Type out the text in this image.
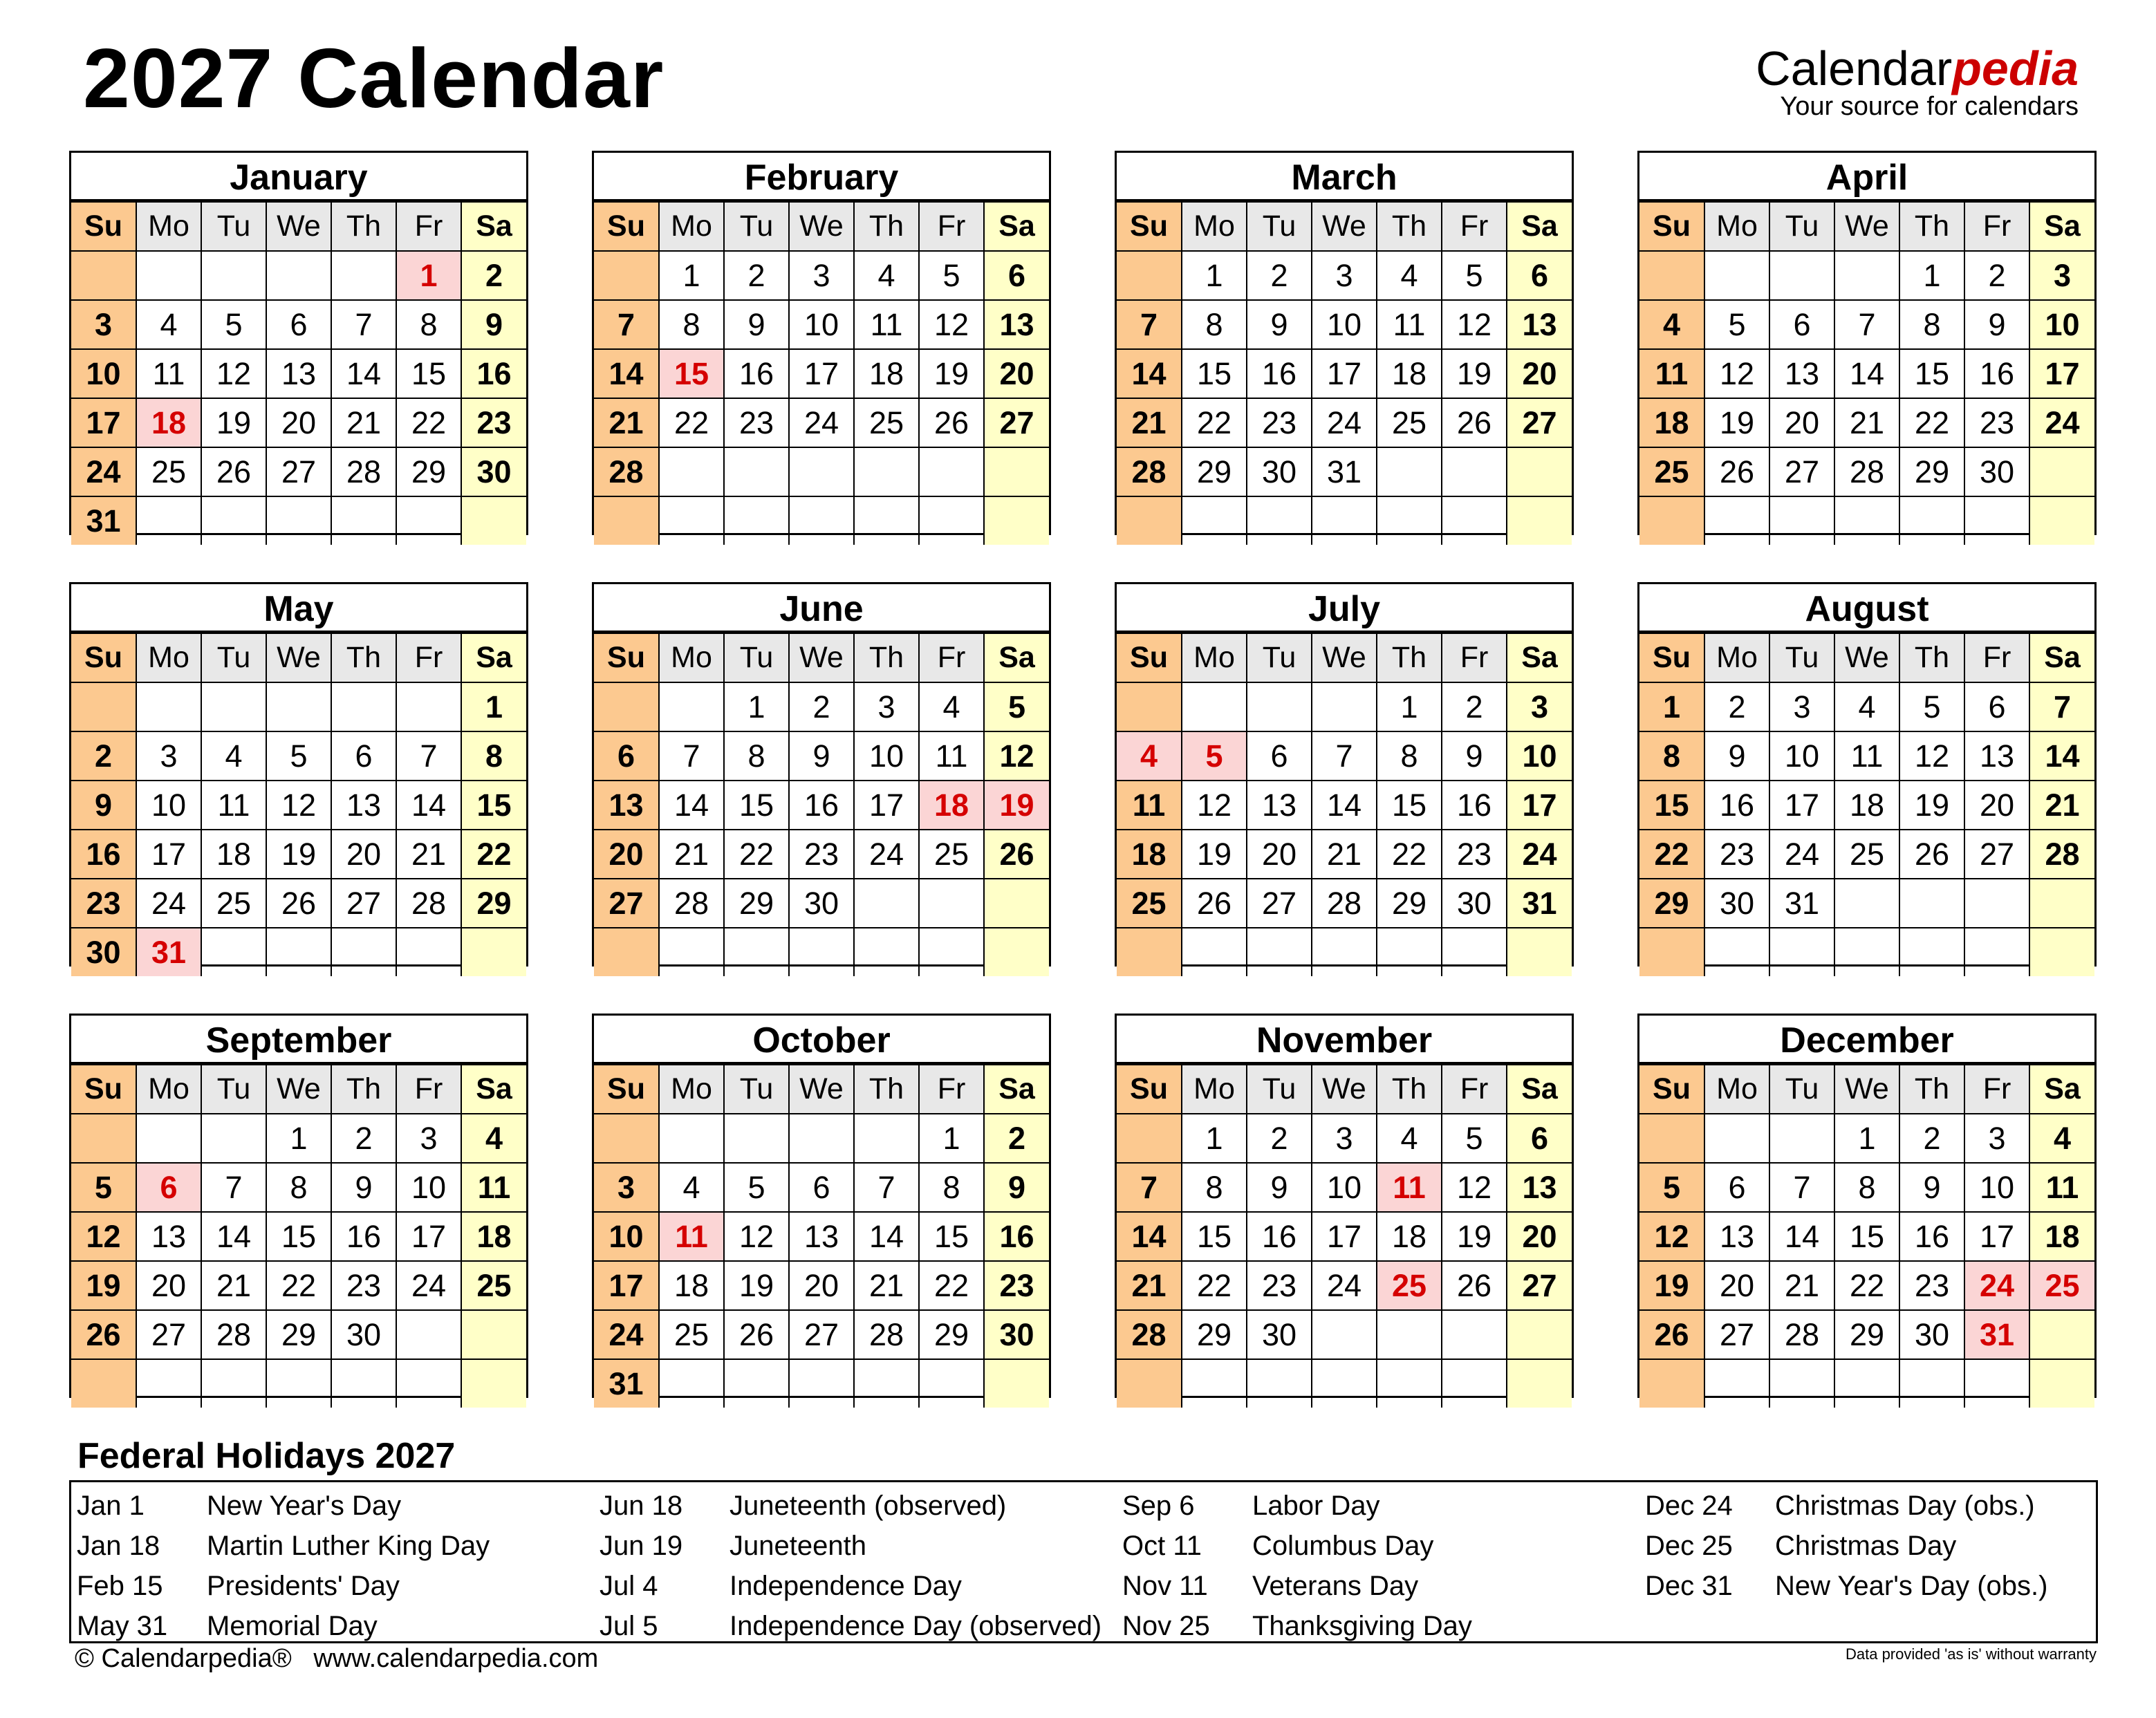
2027 Calendar	Calendarpedia
Your source for calendars
January
Su	Mo	Tu	We	Th	Fr	Sa
					1	2
3	4	5	6	7	8	9
10	11	12	13	14	15	16
17	18	19	20	21	22	23
24	25	26	27	28	29	30
31						
February
Su	Mo	Tu	We	Th	Fr	Sa
	1	2	3	4	5	6
7	8	9	10	11	12	13
14	15	16	17	18	19	20
21	22	23	24	25	26	27
28						

March
Su	Mo	Tu	We	Th	Fr	Sa
	1	2	3	4	5	6
7	8	9	10	11	12	13
14	15	16	17	18	19	20
21	22	23	24	25	26	27
28	29	30	31			

April
Su	Mo	Tu	We	Th	Fr	Sa
				1	2	3
4	5	6	7	8	9	10
11	12	13	14	15	16	17
18	19	20	21	22	23	24
25	26	27	28	29	30	

May
Su	Mo	Tu	We	Th	Fr	Sa
						1
2	3	4	5	6	7	8
9	10	11	12	13	14	15
16	17	18	19	20	21	22
23	24	25	26	27	28	29
30	31					
June
Su	Mo	Tu	We	Th	Fr	Sa
		1	2	3	4	5
6	7	8	9	10	11	12
13	14	15	16	17	18	19
20	21	22	23	24	25	26
27	28	29	30			

July
Su	Mo	Tu	We	Th	Fr	Sa
				1	2	3
4	5	6	7	8	9	10
11	12	13	14	15	16	17
18	19	20	21	22	23	24
25	26	27	28	29	30	31

August
Su	Mo	Tu	We	Th	Fr	Sa
1	2	3	4	5	6	7
8	9	10	11	12	13	14
15	16	17	18	19	20	21
22	23	24	25	26	27	28
29	30	31				

September
Su	Mo	Tu	We	Th	Fr	Sa
			1	2	3	4
5	6	7	8	9	10	11
12	13	14	15	16	17	18
19	20	21	22	23	24	25
26	27	28	29	30		

October
Su	Mo	Tu	We	Th	Fr	Sa
					1	2
3	4	5	6	7	8	9
10	11	12	13	14	15	16
17	18	19	20	21	22	23
24	25	26	27	28	29	30
31						
November
Su	Mo	Tu	We	Th	Fr	Sa
	1	2	3	4	5	6
7	8	9	10	11	12	13
14	15	16	17	18	19	20
21	22	23	24	25	26	27
28	29	30				

December
Su	Mo	Tu	We	Th	Fr	Sa
			1	2	3	4
5	6	7	8	9	10	11
12	13	14	15	16	17	18
19	20	21	22	23	24	25
26	27	28	29	30	31	

Federal Holidays 2027
Jan 1 New Year's Day
Jan 18 Martin Luther King Day
Feb 15 Presidents' Day
May 31 Memorial Day
Jun 18 Juneteenth (observed)
Jun 19 Juneteenth
Jul 4	Independence Day
Jul 5	Independence Day (observed)
Sep 6 Labor Day
Oct 11 Columbus Day
Nov 11 Veterans Day
Nov 25 Thanksgiving Day
Dec 24 Christmas Day (obs.)
Dec 25 Christmas Day
Dec 31 New Year's Day (obs.)
© Calendarpedia®   www.calendarpedia.com	Data provided 'as is' without warranty
